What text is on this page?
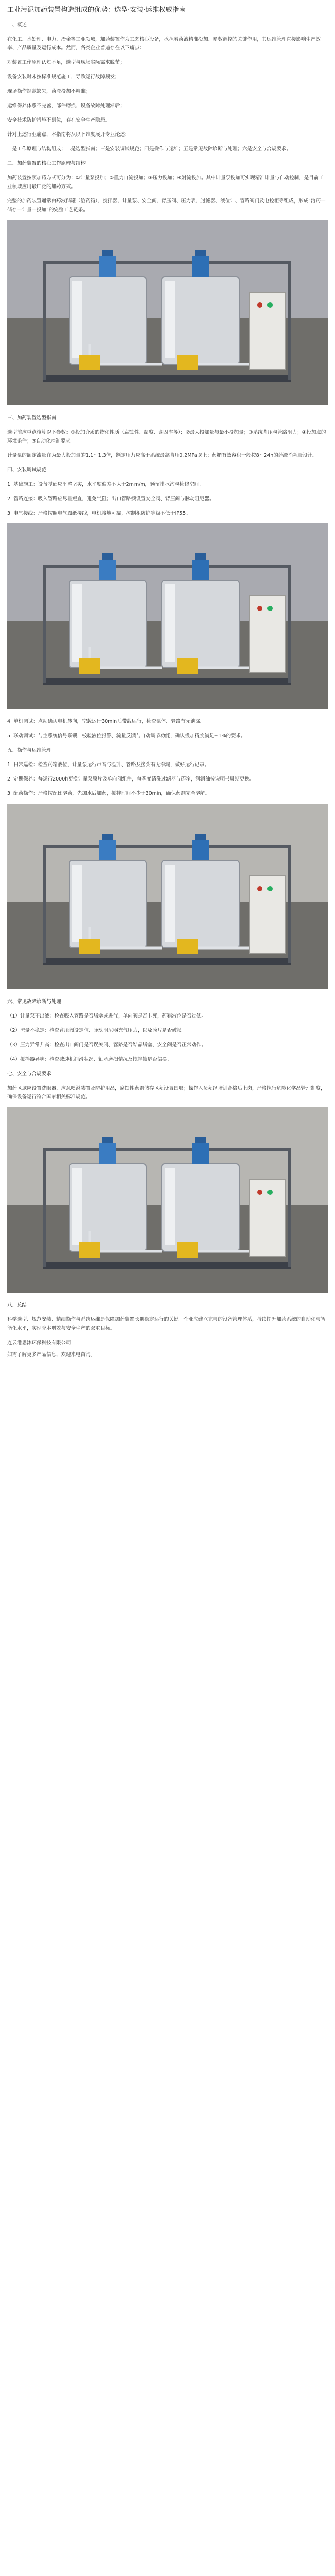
工业污泥加药装置构造组成的优势：选型·安装·运维权威指南
一、概述
在化工、水处理、电力、冶金等工业领域，加药装置作为工艺核心设备，承担着药液精准投加、参数调控的关键作用，其运维管理直接影响生产效率、产品质量及运行成本。然而，各类企业普遍存在以下痛点：
对装置工作原理认知不足，选型与现场实际需求脱节；
设备安装时未按标准规范施工，导致运行故障频发；
现场操作规范缺失，药液投加不精准；
运维保养体系不完善，部件磨损、设备故障处理滞后；
安全技术防护措施不到位，存在安全生产隐患。
针对上述行业痛点，本指南将从以下维度展开专业论述：
一是工作原理与结构组成；二是选型指南；三是安装调试规范；四是操作与运维；五是常见故障诊断与处理；六是安全与合规要求。
二、加药装置的核心工作原理与结构
加药装置按照加药方式可分为：①计量泵投加；②重力自流投加；③压力投加；④射流投加。其中计量泵投加可实现精准计量与自动控制，是目前工业领域应用最广泛的加药方式。
完整的加药装置通常由药液储罐（溶药箱）、搅拌器、计量泵、安全阀、背压阀、压力表、过滤器、液位计、管路阀门及电控柜等组成，形成“溶药—储存—计量—投加”的完整工艺链条。
三、加药装置选型指南
选型前应重点核算以下参数：①投加介质的物化性质（腐蚀性、黏度、含固率等）；②最大投加量与最小投加量；③系统背压与管路阻力；④投加点的环境条件；⑤自动化控制要求。
计量泵的额定流量宜为最大投加量的1.1～1.3倍，额定压力应高于系统最高背压0.2MPa以上；药箱有效容积一般按8～24h的药液消耗量设计。
四、安装调试规范
1. 基础施工：设备基础应平整坚实，水平度偏差不大于2mm/m，预留排水沟与检修空间。
2. 管路连接：吸入管路应尽量短直，避免气阻；出口管路须设置安全阀、背压阀与脉动阻尼器。
3. 电气接线：严格按照电气图纸接线，电机接地可靠，控制柜防护等级不低于IP55。
4. 单机调试：点动确认电机转向，空载运行30min后带载运行，检查泵体、管路有无泄漏。
5. 联动调试：与主系统信号联锁，校验液位报警、流量反馈与自动调节功能，确认投加精度满足±1%的要求。
五、操作与运维管理
1. 日常巡检：检查药箱液位、计量泵运行声音与温升、管路及接头有无渗漏，做好运行记录。
2. 定期保养：每运行2000h更换计量泵膜片及单向阀组件，每季度清洗过滤器与药箱，润滑油按说明书周期更换。
3. 配药操作：严格按配比溶药，先加水后加药，搅拌时间不少于30min，确保药剂完全溶解。
六、常见故障诊断与处理
（1）计量泵不出液：检查吸入管路是否堵塞或进气，单向阀是否卡死，药箱液位是否过低。
（2）流量不稳定：检查背压阀设定值、脉动阻尼器充气压力，以及膜片是否破损。
（3）压力异常升高：检查出口阀门是否误关闭、管路是否结晶堵塞，安全阀是否正常动作。
（4）搅拌器异响：检查减速机润滑状况、轴承磨损情况及搅拌轴是否偏摆。
七、安全与合规要求
加药区域应设置洗眼器、应急喷淋装置及防护用品，腐蚀性药剂储存区须设置围堰；操作人员须经培训合格后上岗，严格执行危险化学品管理制度，确保设备运行符合国家相关标准规范。
八、总结
科学选型、规范安装、精细操作与系统运维是保障加药装置长期稳定运行的关键。企业应建立完善的设备管理体系，持续提升加药系统的自动化与智能化水平，实现降本增效与安全生产的双重目标。
连云港思沐环保科技有限公司
如需了解更多产品信息，欢迎来电咨询。
